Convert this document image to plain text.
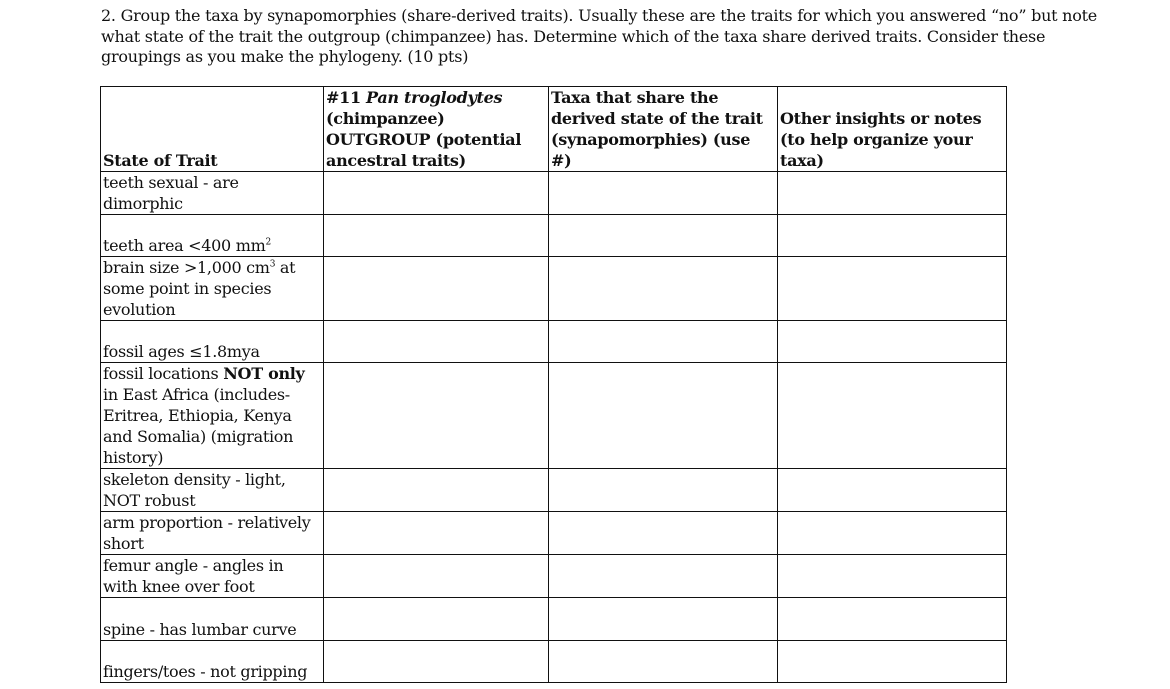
2. Group the taxa by synapomorphies (share-derived traits). Usually these are the traits for which you answered “no” but note what state of the trait the outgroup (chimpanzee) has. Determine which of the taxa share derived traits. Consider these groupings as you make the phylogeny. (10 pts)
State of Trait	#11 Pan troglodytes (chimpanzee) OUTGROUP (potential ancestral traits)	Taxa that share the derived state of the trait (synapomorphies) (use #)	Other insights or notes (to help organize your taxa)
teeth sexual - are dimorphic			
teeth area <400 $mm^2$			
brain size >1,000 $cm^3$ at some point in species evolution			
fossil ages ≤1.8mya			
fossil locations NOT only in East Africa (includes- Eritrea, Ethiopia, Kenya and Somalia) (migration history)			
skeleton density - light, NOT robust			
arm proportion - relatively short			
femur angle - angles in with knee over foot			
spine - has lumbar curve			
fingers/toes - not gripping			
